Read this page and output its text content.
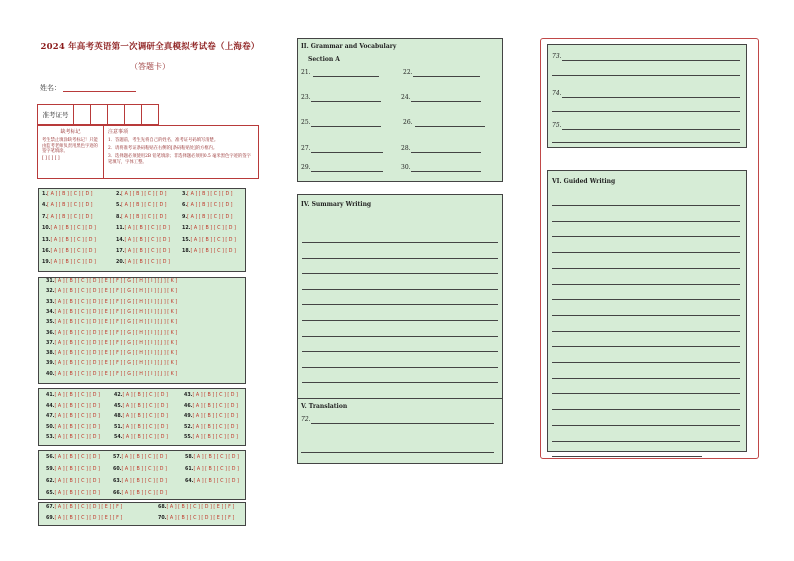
2024 年高考英语第一次调研全真模拟考试卷（上海卷）
（答题卡）
姓名：
准考证号
缺考标记

考生禁止填涂缺考标记！只能由监考老师负责用黑色字迹的签字笔填涂。

[ ] [ ] [ ]
注意事项

1．答题前，考生先将自己的姓名、准考证号码填写清楚。

2．请将准考证条码粘贴在右侧的[条码粘贴处]的方框内。

3．选择题必须使用2B 铅笔填涂；非选择题必须用0.5 毫米黑色字迹的签字笔填写，字体工整。

1.[ A ] [ B ] [ C ] [ D ]	2.[ A ] [ B ] [ C ] [ D ]	3.[ A ] [ B ] [ C ] [ D ]
4.[ A ] [ B ] [ C ] [ D ]	5.[ A ] [ B ] [ C ] [ D ]	6.[ A ] [ B ] [ C ] [ D ]
7.[ A ] [ B ] [ C ] [ D ]	8.[ A ] [ B ] [ C ] [ D ]	9.[ A ] [ B ] [ C ] [ D ]
10.[ A ] [ B ] [ C ] [ D ]	11.[ A ] [ B ] [ C ] [ D ]	12.[ A ] [ B ] [ C ] [ D ]
13.[ A ] [ B ] [ C ] [ D ]	14.[ A ] [ B ] [ C ] [ D ]	15.[ A ] [ B ] [ C ] [ D ]
16.[ A ] [ B ] [ C ] [ D ]	17.[ A ] [ B ] [ C ] [ D ]	18.[ A ] [ B ] [ C ] [ D ]
19.[ A ] [ B ] [ C ] [ D ]	20.[ A ] [ B ] [ C ] [ D ]
31.[ A ] [ B ] [ C ] [ D ] [ E ] [ F ] [ G ] [ H ] [ I ] [ J ] [ K ]
32.[ A ] [ B ] [ C ] [ D ] [ E ] [ F ] [ G ] [ H ] [ I ] [ J ] [ K ]
33.[ A ] [ B ] [ C ] [ D ] [ E ] [ F ] [ G ] [ H ] [ I ] [ J ] [ K ]
34.[ A ] [ B ] [ C ] [ D ] [ E ] [ F ] [ G ] [ H ] [ I ] [ J ] [ K ]
35.[ A ] [ B ] [ C ] [ D ] [ E ] [ F ] [ G ] [ H ] [ I ] [ J ] [ K ]
36.[ A ] [ B ] [ C ] [ D ] [ E ] [ F ] [ G ] [ H ] [ I ] [ J ] [ K ]
37.[ A ] [ B ] [ C ] [ D ] [ E ] [ F ] [ G ] [ H ] [ I ] [ J ] [ K ]
38.[ A ] [ B ] [ C ] [ D ] [ E ] [ F ] [ G ] [ H ] [ I ] [ J ] [ K ]
39.[ A ] [ B ] [ C ] [ D ] [ E ] [ F ] [ G ] [ H ] [ I ] [ J ] [ K ]
40.[ A ] [ B ] [ C ] [ D ] [ E ] [ F ] [ G ] [ H ] [ I ] [ J ] [ K ]
41.[ A ] [ B ] [ C ] [ D ]	42.[ A ] [ B ] [ C ] [ D ]	43.[ A ] [ B ] [ C ] [ D ]
44.[ A ] [ B ] [ C ] [ D ]	45.[ A ] [ B ] [ C ] [ D ]	46.[ A ] [ B ] [ C ] [ D ]
47.[ A ] [ B ] [ C ] [ D ]	48.[ A ] [ B ] [ C ] [ D ]	49.[ A ] [ B ] [ C ] [ D ]
50.[ A ] [ B ] [ C ] [ D ]	51.[ A ] [ B ] [ C ] [ D ]	52.[ A ] [ B ] [ C ] [ D ]
53.[ A ] [ B ] [ C ] [ D ]	54.[ A ] [ B ] [ C ] [ D ]	55.[ A ] [ B ] [ C ] [ D ]
56.[ A ] [ B ] [ C ] [ D ]	57.[ A ] [ B ] [ C ] [ D ]	58.[ A ] [ B ] [ C ] [ D ]
59.[ A ] [ B ] [ C ] [ D ]	60.[ A ] [ B ] [ C ] [ D ]	61.[ A ] [ B ] [ C ] [ D ]
62.[ A ] [ B ] [ C ] [ D ]	63.[ A ] [ B ] [ C ] [ D ]	64.[ A ] [ B ] [ C ] [ D ]
65.[ A ] [ B ] [ C ] [ D ]	66.[ A ] [ B ] [ C ] [ D ]
67.[ A ] [ B ] [ C ] [ D ] [ E ] [ F ]	68.[ A ] [ B ] [ C ] [ D ] [ E ] [ F ]
69.[ A ] [ B ] [ C ] [ D ] [ E ] [ F ]	70.[ A ] [ B ] [ C ] [ D ] [ E ] [ F ]
II. Grammar and Vocabulary
Section A
21.	22.
23.	24.
25.	26.
27.	28.
29.	30.
IV. Summary Writing
V. Translation
72.
73.
74.
75.
VI. Guided Writing
